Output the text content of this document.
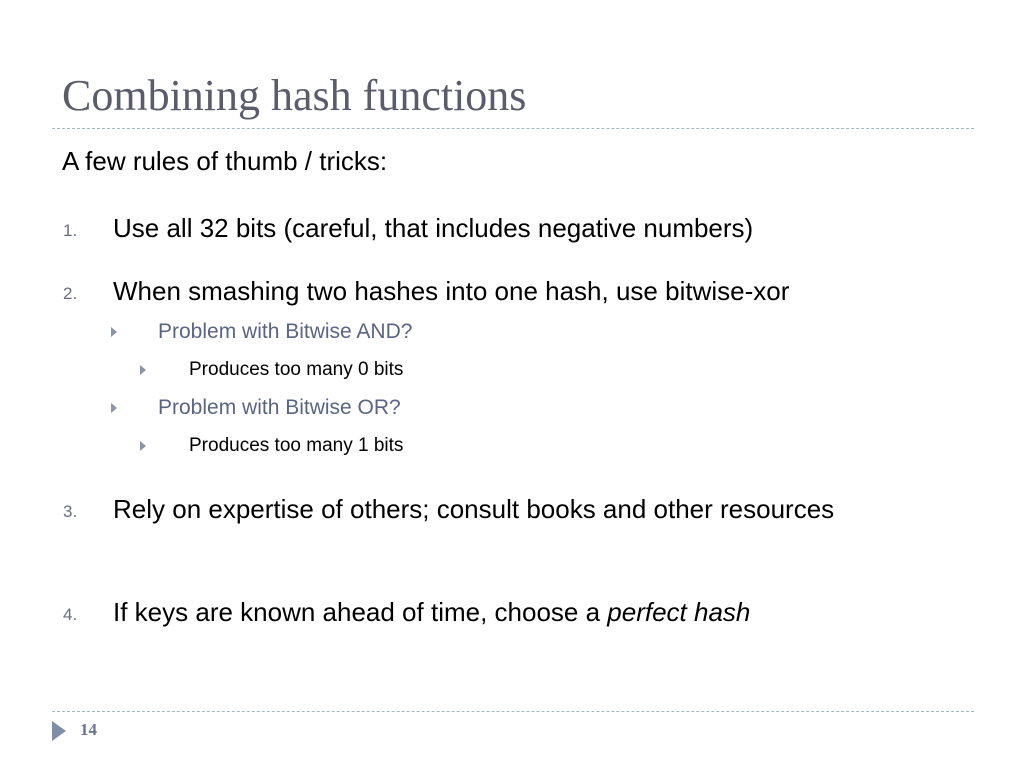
Combining hash functions
A few rules of thumb / tricks:
1. Use all 32 bits (careful, that includes negative numbers)
2. When smashing two hashes into one hash, use bitwise-xor
Problem with Bitwise AND?
Produces too many 0 bits
Problem with Bitwise OR?
Produces too many 1 bits
3. Rely on expertise of others; consult books and other resources
4. If keys are known ahead of time, choose a perfect hash
14
